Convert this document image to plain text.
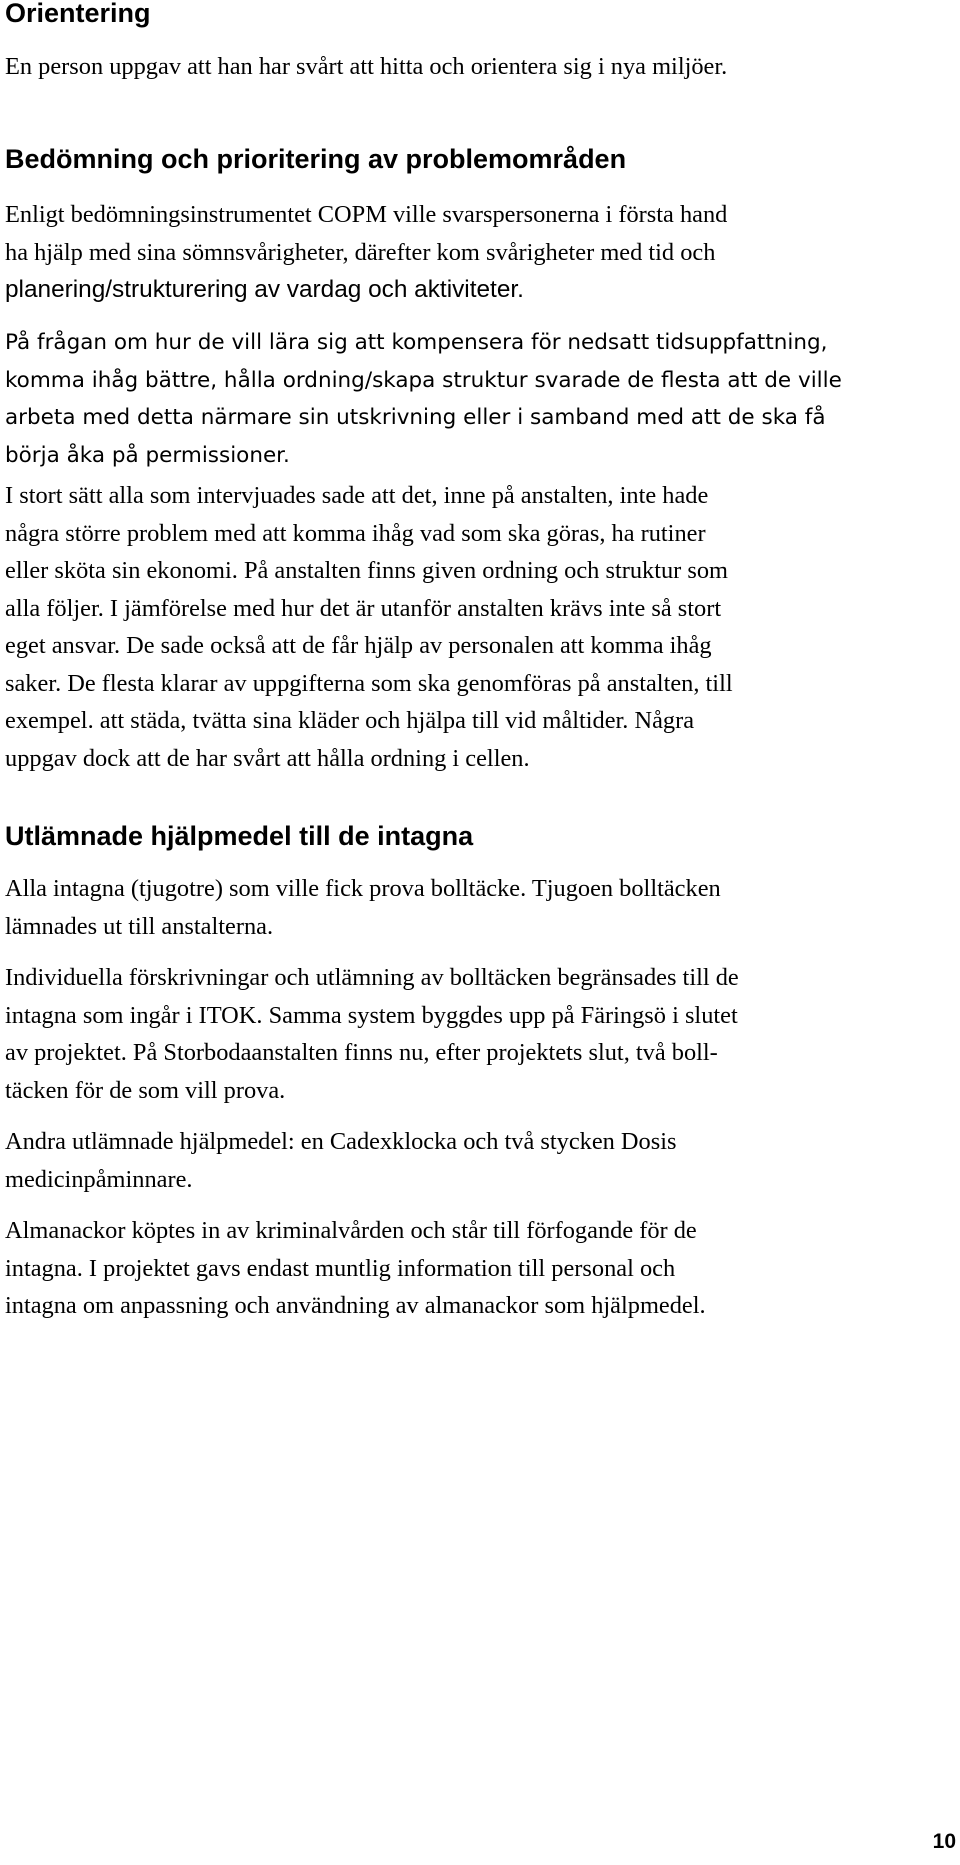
Orientering

En person uppgav att han har svårt att hitta och orientera sig i nya miljöer.

Bedömning och prioritering av problemområden

Enligt bedömningsinstrumentet COPM ville svarspersonerna i första hand
ha hjälp med sina sömnsvårigheter, därefter kom svårigheter med tid och
planering/strukturering av vardag och aktiviteter.

På frågan om hur de vill lära sig att kompensera för nedsatt tidsuppfattning,
komma ihåg bättre, hålla ordning/skapa struktur svarade de flesta att de ville
arbeta med detta närmare sin utskrivning eller i samband med att de ska få
börja åka på permissioner.

I stort sätt alla som intervjuades sade att det, inne på anstalten, inte hade
några större problem med att komma ihåg vad som ska göras, ha rutiner
eller sköta sin ekonomi. På anstalten finns given ordning och struktur som
alla följer. I jämförelse med hur det är utanför anstalten krävs inte så stort
eget ansvar. De sade också att de får hjälp av personalen att komma ihåg
saker. De flesta klarar av uppgifterna som ska genomföras på anstalten, till
exempel. att städa, tvätta sina kläder och hjälpa till vid måltider. Några
uppgav dock att de har svårt att hålla ordning i cellen.

Utlämnade hjälpmedel till de intagna

Alla intagna (tjugotre) som ville fick prova bolltäcke. Tjugoen bolltäcken
lämnades ut till anstalterna.

Individuella förskrivningar och utlämning av bolltäcken begränsades till de
intagna som ingår i ITOK. Samma system byggdes upp på Färingsö i slutet
av projektet. På Storbodaanstalten finns nu, efter projektets slut, två boll-
täcken för de som vill prova.

Andra utlämnade hjälpmedel: en Cadexklocka och två stycken Dosis
medicinpåminnare.

Almanackor köptes in av kriminalvården och står till förfogande för de
intagna. I projektet gavs endast muntlig information till personal och
intagna om anpassning och användning av almanackor som hjälpmedel.

10
